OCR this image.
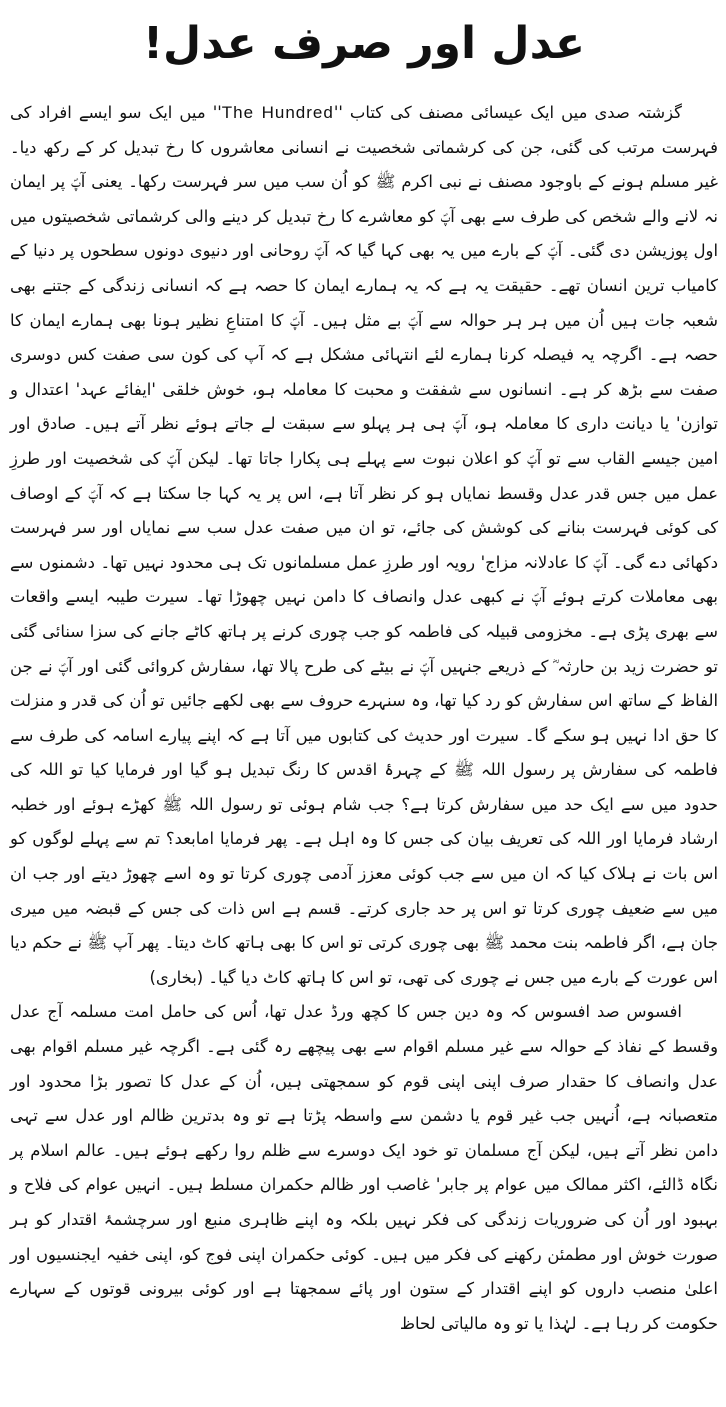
عدل اور صرف عدل!
گزشتہ صدی میں ایک عیسائی مصنف کی کتاب ''The Hundred'' میں ایک سو ایسے افراد کی فہرست مرتب کی گئی، جن کی کرشماتی شخصیت نے انسانی معاشروں کا رخ تبدیل کر کے رکھ دیا۔ غیر مسلم ہونے کے باوجود مصنف نے نبی اکرم ﷺ کو اُن سب میں سر فہرست رکھا۔ یعنی آپؐ پر ایمان نہ لانے والے شخص کی طرف سے بھی آپؐ کو معاشرے کا رخ تبدیل کر دینے والی کرشماتی شخصیتوں میں اول پوزیشن دی گئی۔ آپؐ کے بارے میں یہ بھی کہا گیا کہ آپؐ روحانی اور دنیوی دونوں سطحوں پر دنیا کے کامیاب ترین انسان تھے۔ حقیقت یہ ہے کہ یہ ہمارے ایمان کا حصہ ہے کہ انسانی زندگی کے جتنے بھی شعبہ جات ہیں اُن میں ہر ہر حوالہ سے آپؐ بے مثل ہیں۔ آپؐ کا امتناعِ نظیر ہونا بھی ہمارے ایمان کا حصہ ہے۔ اگرچہ یہ فیصلہ کرنا ہمارے لئے انتہائی مشکل ہے کہ آپ کی کون سی صفت کس دوسری صفت سے بڑھ کر ہے۔ انسانوں سے شفقت و محبت کا معاملہ ہو، خوش خلقی 'ایفائے عہد' اعتدال و توازن' یا دیانت داری کا معاملہ ہو، آپؐ ہی ہر پہلو سے سبقت لے جاتے ہوئے نظر آتے ہیں۔ صادق اور امین جیسے القاب سے تو آپؐ کو اعلان نبوت سے پہلے ہی پکارا جاتا تھا۔ لیکن آپؐ کی شخصیت اور طرزِ عمل میں جس قدر عدل وقسط نمایاں ہو کر نظر آتا ہے، اس پر یہ کہا جا سکتا ہے کہ آپؐ کے اوصاف کی کوئی فہرست بنانے کی کوشش کی جائے، تو ان میں صفت عدل سب سے نمایاں اور سر فہرست دکھائی دے گی۔ آپؐ کا عادلانہ مزاج' رویہ اور طرزِ عمل مسلمانوں تک ہی محدود نہیں تھا۔ دشمنوں سے بھی معاملات کرتے ہوئے آپؐ نے کبھی عدل وانصاف کا دامن نہیں چھوڑا تھا۔ سیرت طیبہ ایسے واقعات سے بھری پڑی ہے۔ مخزومی قبیلہ کی فاطمہ کو جب چوری کرنے پر ہاتھ کاٹے جانے کی سزا سنائی گئی تو حضرت زید بن حارثہ ؓ کے ذریعے جنہیں آپؐ نے بیٹے کی طرح پالا تھا، سفارش کروائی گئی اور آپؐ نے جن الفاظ کے ساتھ اس سفارش کو رد کیا تھا، وہ سنہرے حروف سے بھی لکھے جائیں تو اُن کی قدر و منزلت کا حق ادا نہیں ہو سکے گا۔ سیرت اور حدیث کی کتابوں میں آتا ہے کہ اپنے پیارے اسامہ کی طرف سے فاطمہ کی سفارش پر رسول اللہ ﷺ کے چہرۂ اقدس کا رنگ تبدیل ہو گیا اور فرمایا کیا تو اللہ کی حدود میں سے ایک حد میں سفارش کرتا ہے؟ جب شام ہوئی تو رسول اللہ ﷺ کھڑے ہوئے اور خطبہ ارشاد فرمایا اور اللہ کی تعریف بیان کی جس کا وہ اہل ہے۔ پھر فرمایا امابعد؟ تم سے پہلے لوگوں کو اس بات نے ہلاک کیا کہ ان میں سے جب کوئی معزز آدمی چوری کرتا تو وہ اسے چھوڑ دیتے اور جب ان میں سے ضعیف چوری کرتا تو اس پر حد جاری کرتے۔ قسم ہے اس ذات کی جس کے قبضہ میں میری جان ہے، اگر فاطمہ بنت محمد ﷺ بھی چوری کرتی تو اس کا بھی ہاتھ کاٹ دیتا۔ پھر آپ ﷺ نے حکم دیا اس عورت کے بارے میں جس نے چوری کی تھی، تو اس کا ہاتھ کاٹ دیا گیا۔ (بخاری)
افسوس صد افسوس کہ وہ دین جس کا کچھ ورڈ عدل تھا، اُس کی حامل امت مسلمہ آج عدل وقسط کے نفاذ کے حوالہ سے غیر مسلم اقوام سے بھی پیچھے رہ گئی ہے۔ اگرچہ غیر مسلم اقوام بھی عدل وانصاف کا حقدار صرف اپنی اپنی قوم کو سمجھتی ہیں، اُن کے عدل کا تصور بڑا محدود اور متعصبانہ ہے، اُنہیں جب غیر قوم یا دشمن سے واسطہ پڑتا ہے تو وہ بدترین ظالم اور عدل سے تہی دامن نظر آتے ہیں، لیکن آج مسلمان تو خود ایک دوسرے سے ظلم روا رکھے ہوئے ہیں۔ عالم اسلام پر نگاہ ڈالئے، اکثر ممالک میں عوام پر جابر' غاصب اور ظالم حکمران مسلط ہیں۔ انہیں عوام کی فلاح و بہبود اور اُن کی ضروریات زندگی کی فکر نہیں بلکہ وہ اپنے ظاہری منبع اور سرچشمۂ اقتدار کو ہر صورت خوش اور مطمئن رکھنے کی فکر میں ہیں۔ کوئی حکمران اپنی فوج کو، اپنی خفیہ ایجنسیوں اور اعلیٰ منصب داروں کو اپنے اقتدار کے ستون اور پائے سمجھتا ہے اور کوئی بیرونی قوتوں کے سہارے حکومت کر رہا ہے۔ لہٰذا یا تو وہ مالیاتی لحاظ
